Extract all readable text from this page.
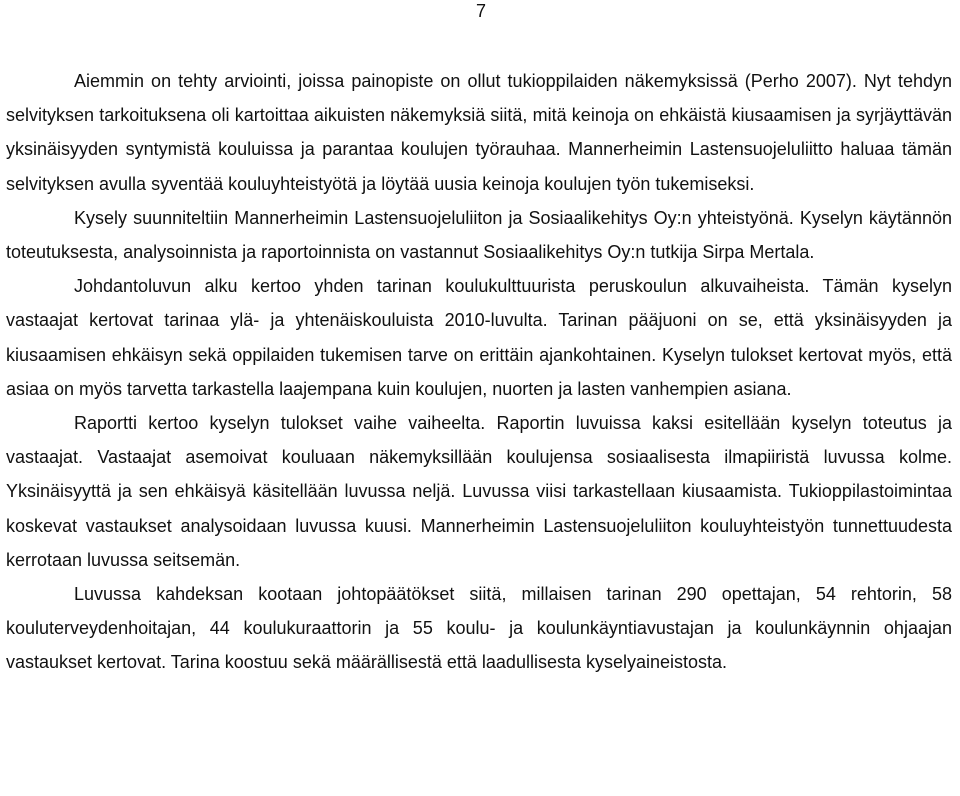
7

Aiemmin on tehty arviointi, joissa painopiste on ollut tukioppilaiden näkemyksissä (Perho 2007). Nyt tehdyn selvityksen tarkoituksena oli kartoittaa aikuisten näkemyksiä siitä, mitä keinoja on ehkäistä kiusaamisen ja syrjäyttävän yksinäisyyden syntymistä kouluissa ja parantaa koulujen työrauhaa. Mannerheimin Lastensuojeluliitto haluaa tämän selvityksen avulla syventää kouluyhteistyötä ja löytää uusia keinoja koulujen työn tukemiseksi.

Kysely suunniteltiin Mannerheimin Lastensuojeluliiton ja Sosiaalikehitys Oy:n yhteistyönä. Kyselyn käytännön toteutuksesta, analysoinnista ja raportoinnista on vastannut Sosiaalikehitys Oy:n tutkija Sirpa Mertala.

Johdantoluvun alku kertoo yhden tarinan koulukulttuurista peruskoulun alkuvaiheista. Tämän kyselyn vastaajat kertovat tarinaa ylä- ja yhtenäiskouluista 2010-luvulta. Tarinan pääjuoni on se, että yksinäisyyden ja kiusaamisen ehkäisyn sekä oppilaiden tukemisen tarve on erittäin ajankohtainen. Kyselyn tulokset kertovat myös, että asiaa on myös tarvetta tarkastella laajempana kuin koulujen, nuorten ja lasten vanhempien asiana.

Raportti kertoo kyselyn tulokset vaihe vaiheelta. Raportin luvuissa kaksi esitellään kyselyn toteutus ja vastaajat. Vastaajat asemoivat kouluaan näkemyksillään koulujensa sosiaalisesta ilmapiiristä luvussa kolme. Yksinäisyyttä ja sen ehkäisyä käsitellään luvussa neljä. Luvussa viisi tarkastellaan kiusaamista. Tukioppilastoimintaa koskevat vastaukset analysoidaan luvussa kuusi. Mannerheimin Lastensuojeluliiton kouluyhteistyön tunnettuudesta kerrotaan luvussa seitsemän.

Luvussa kahdeksan kootaan johtopäätökset siitä, millaisen tarinan 290 opettajan, 54 rehtorin, 58 kouluterveydenhoitajan, 44 koulukuraattorin ja 55 koulu- ja koulunkäyntiavustajan ja koulunkäynnin ohjaajan vastaukset kertovat. Tarina koostuu sekä määrällisestä että laadullisesta kyselyaineistosta.
